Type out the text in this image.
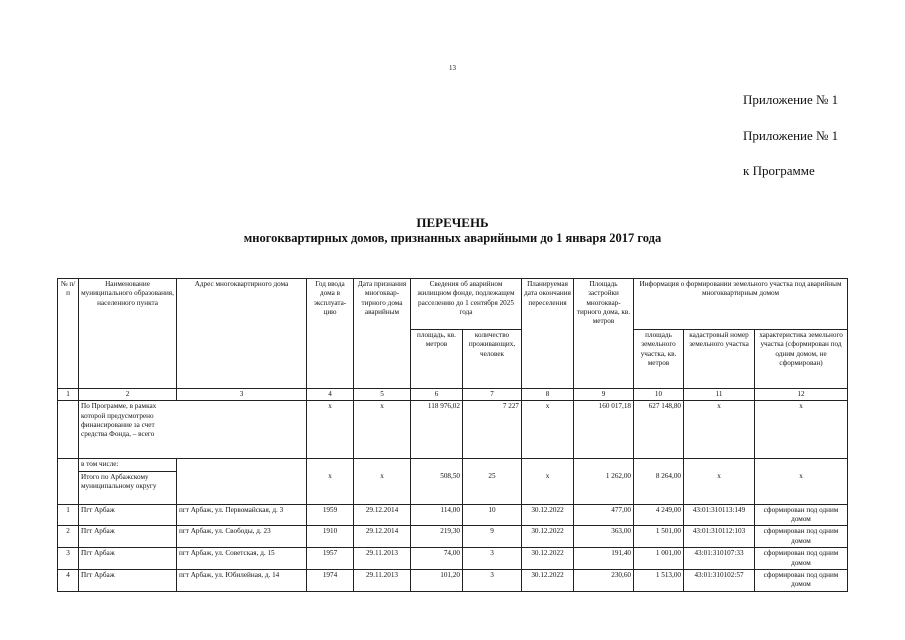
13
Приложение № 1
Приложение № 1
к Программе
ПЕРЕЧЕНЬ
многоквартирных домов, признанных аварийными до 1 января 2017 года
№ п/п	Наименование муниципального образования, населенного пункта	Адрес многоквартирного дома	Год ввода дома в эксплуата-цию	Дата признания многоквар-тирного дома аварийным	Сведения об аварийном жилищном фонде, подлежащем расселению до 1 сентября 2025 года		Планируемая дата окончания переселения	Площадь застройки многоквар-тирного дома, кв. метров	Информация о формировании земельного участка под аварийным многоквартирным домом		
					площадь, кв. метров	количество проживающих, человек			площадь земельного участка, кв. метров	кадастровый номер земельного участка	характеристика земельного участка (сформирован под одним домом, не сформирован)
1	2	3	4	5	6	7	8	9	10	11	12

	По Программе, в рамках которой предусмотрено финансирование за счет средства Фонда, – всего		x	x	118 976,02	7 227	x	160 017,18	627 148,80	x	x
	в том числе:										
	Итого по Арбажскому муниципальному округу		x	x	508,50	25	x	1 262,00	8 264,00	x	x
1	Пгт Арбаж	пгт Арбаж, ул. Первомайская, д. 3	1959	29.12.2014	114,00	10	30.12.2022	477,00	4 249,00	43:01:310113:149	сформирован под одним домом
2	Пгт Арбаж	пгт Арбаж, ул. Свободы, д. 23	1910	29.12.2014	219,30	9	30.12.2022	363,00	1 501,00	43:01:310112:103	сформирован под одним домом
3	Пгт Арбаж	пгт Арбаж, ул. Советская, д. 15	1957	29.11.2013	74,00	3	30.12.2022	191,40	1 001,00	43:01:310107:33	сформирован под одним домом
4	Пгт Арбаж	пгт Арбаж, ул. Юбилейная, д. 14	1974	29.11.2013	101,20	3	30.12.2022	230,60	1 513,00	43:01:310102:57	сформирован под одним домом
